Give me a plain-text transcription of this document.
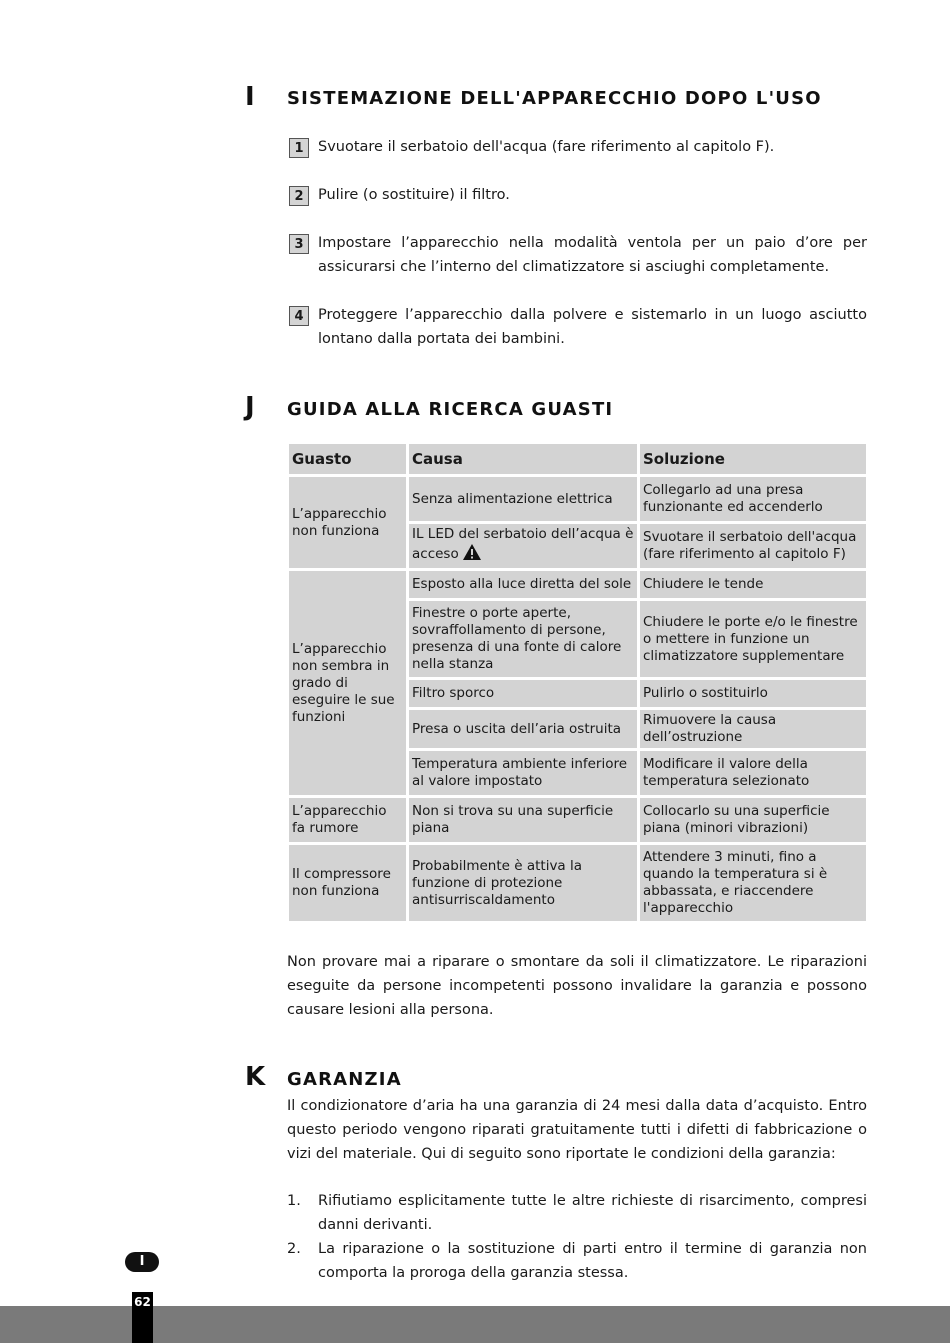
I SISTEMAZIONE DELL'APPARECCHIO DOPO L'USO
1 Svuotare il serbatoio dell'acqua (fare riferimento al capitolo F).
2 Pulire (o sostituire) il filtro.
3 Impostare l’apparecchio nella modalità ventola per un paio d’ore per assicurarsi che l’interno del climatizzatore si asciughi completamente.
4 Proteggere l’apparecchio dalla polvere e sistemarlo in un luogo asciutto lontano dalla portata dei bambini.
J GUIDA ALLA RICERCA GUASTI
Guasto	Causa	Soluzione
L’apparecchio non funziona	Senza alimentazione elettrica	Collegarlo ad una presa funzionante ed accenderlo
	IL LED del serbatoio dell’acqua è acceso	Svuotare il serbatoio dell'acqua (fare riferimento al capitolo F)
L’apparecchio non sembra in grado di eseguire le sue funzioni	Esposto alla luce diretta del sole	Chiudere le tende
	Finestre o porte aperte, sovraffollamento di persone, presenza di una fonte di calore nella stanza	Chiudere le porte e/o le finestre o mettere in funzione un climatizzatore supplementare
	Filtro sporco	Pulirlo o sostituirlo
	Presa o uscita dell’aria ostruita	Rimuovere la causa dell’ostruzione
	Temperatura ambiente inferiore al valore impostato	Modificare il valore della temperatura selezionato
L’apparecchio fa rumore	Non si trova su una superficie piana	Collocarlo su una superficie piana (minori vibrazioni)
Il compressore non funziona	Probabilmente è attiva la funzione di protezione antisurriscaldamento	Attendere 3 minuti, fino a quando la temperatura si è abbassata, e riaccendere l'apparecchio
Non provare mai a riparare o smontare da soli il climatizzatore. Le riparazioni eseguite da persone incompetenti possono invalidare la garanzia e possono causare lesioni alla persona.
K GARANZIA
Il condizionatore d’aria ha una garanzia di 24 mesi dalla data d’acquisto. Entro questo periodo vengono riparati gratuitamente tutti i difetti di fabbricazione o vizi del materiale. Qui di seguito sono riportate le condizioni della garanzia:
1. Rifiutiamo esplicitamente tutte le altre richieste di risarcimento, compresi danni derivanti.
2. La riparazione o la sostituzione di parti entro il termine di garanzia non comporta la proroga della garanzia stessa.
I
62
